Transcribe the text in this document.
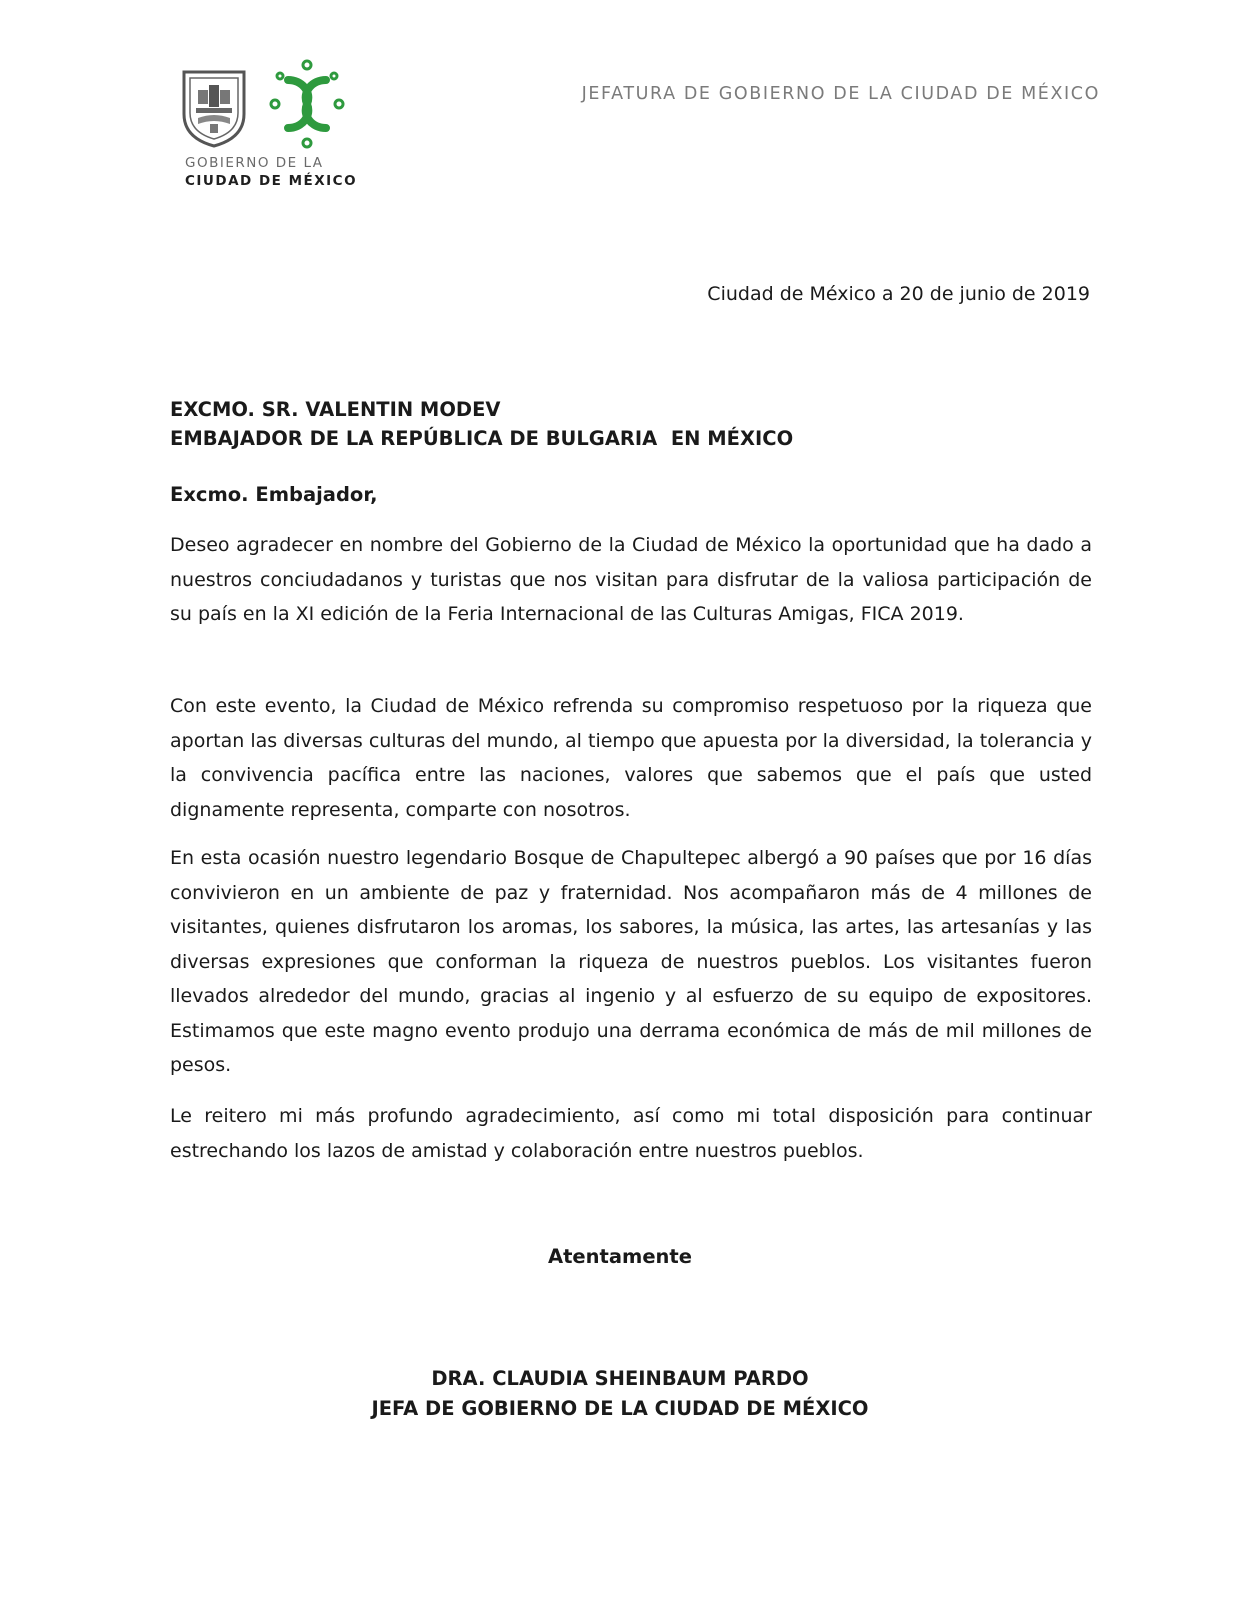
GOBIERNO DE LA
CIUDAD DE MÉXICO
JEFATURA DE GOBIERNO DE LA CIUDAD DE MÉXICO
Ciudad de México a 20 de junio de 2019
EXCMO. SR. VALENTIN MODEV
EMBAJADOR DE LA REPÚBLICA DE BULGARIA  EN MÉXICO
Excmo. Embajador,
Deseo agradecer en nombre del Gobierno de la Ciudad de México la oportunidad que ha dado a nuestros conciudadanos y turistas que nos visitan para disfrutar de la valiosa participación de su país en la XI edición de la Feria Internacional de las Culturas Amigas, FICA 2019.
Con este evento, la Ciudad de México refrenda su compromiso respetuoso por la riqueza que aportan las diversas culturas del mundo, al tiempo que apuesta por la diversidad, la tolerancia y la convivencia pacífica entre las naciones, valores que sabemos que el país que usted dignamente representa, comparte con nosotros.
En esta ocasión nuestro legendario Bosque de Chapultepec albergó a 90 países que por 16 días convivieron en un ambiente de paz y fraternidad. Nos acompañaron más de 4 millones de visitantes, quienes disfrutaron los aromas, los sabores, la música, las artes, las artesanías y las diversas expresiones que conforman la riqueza de nuestros pueblos. Los visitantes fueron llevados alrededor del mundo, gracias al ingenio y al esfuerzo de su equipo de expositores. Estimamos que este magno evento produjo una derrama económica de más de mil millones de pesos.
Le reitero mi más profundo agradecimiento, así como mi total disposición para continuar estrechando los lazos de amistad y colaboración entre nuestros pueblos.
Atentamente
DRA. CLAUDIA SHEINBAUM PARDO
JEFA DE GOBIERNO DE LA CIUDAD DE MÉXICO
